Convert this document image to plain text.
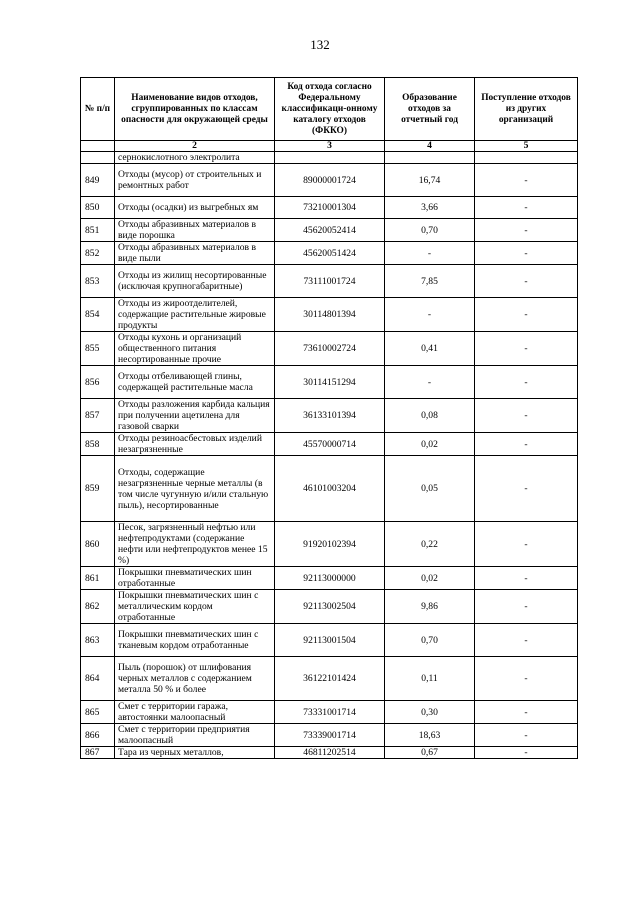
132
№ п/п	Наименование видов отходов, сгруппированных по классам опасности для окружающей среды	Код отхода согласно Федеральному классификаци-онному каталогу отходов (ФККО)	Образование отходов за отчетный год	Поступление отходов из других организаций
	2	3	4	5
	сернокислотного электролита			
849	Отходы (мусор) от строительных и ремонтных работ	89000001724	16,74	-
850	Отходы (осадки) из выгребных ям	73210001304	3,66	-
851	Отходы абразивных материалов в виде порошка	45620052414	0,70	-
852	Отходы абразивных материалов в виде пыли	45620051424	-	-
853	Отходы из жилищ несортированные (исключая крупногабаритные)	73111001724	7,85	-
854	Отходы из жироотделителей, содержащие растительные жировые продукты	30114801394	-	-
855	Отходы кухонь и организаций общественного питания несортированные прочие	73610002724	0,41	-
856	Отходы отбеливающей глины, содержащей растительные масла	30114151294	-	-
857	Отходы разложения карбида кальция при получении ацетилена для газовой сварки	36133101394	0,08	-
858	Отходы резиноасбестовых изделий незагрязненные	45570000714	0,02	-
859	Отходы, содержащие незагрязненные черные металлы (в том числе чугунную и/или стальную пыль), несортированные	46101003204	0,05	-
860	Песок, загрязненный нефтью или нефтепродуктами (содержание нефти или нефтепродуктов менее 15 %)	91920102394	0,22	-
861	Покрышки пневматических шин отработанные	92113000000	0,02	-
862	Покрышки пневматических шин с металлическим кордом отработанные	92113002504	9,86	-
863	Покрышки пневматических шин с тканевым кордом отработанные	92113001504	0,70	-
864	Пыль (порошок) от шлифования черных металлов с содержанием металла 50 % и более	36122101424	0,11	-
865	Смет с территории гаража, автостоянки малоопасный	73331001714	0,30	-
866	Смет с территории предприятия малоопасный	73339001714	18,63	-
867	Тара из черных металлов,	46811202514	0,67	-
